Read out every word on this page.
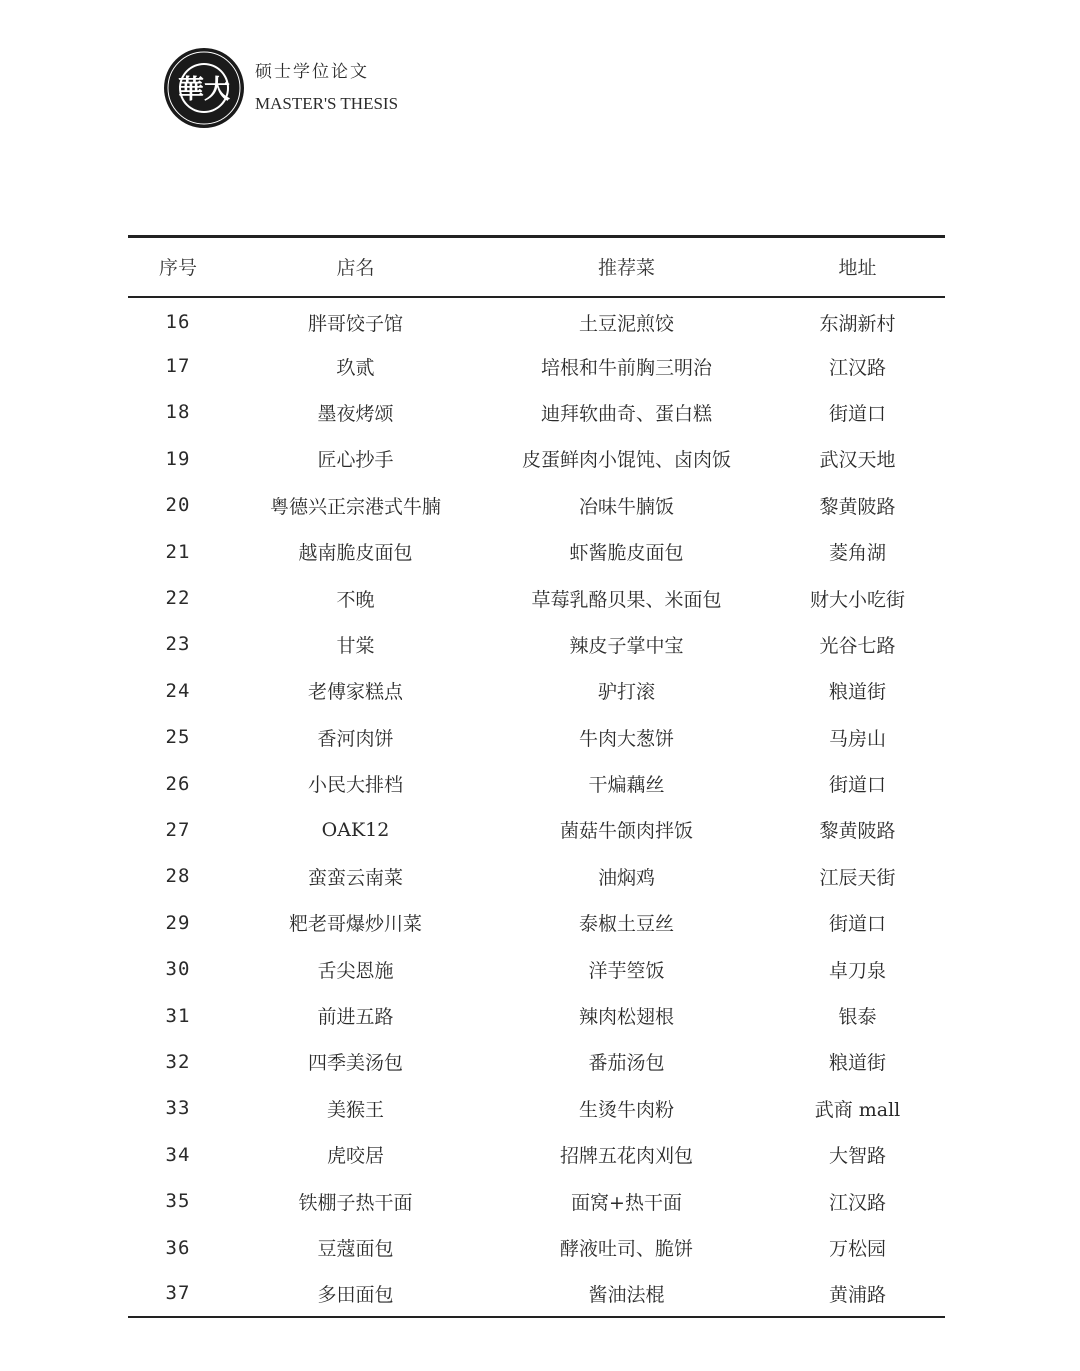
華大
硕士学位论文
MASTER'S THESIS
序号	店名	推荐菜	地址
16	胖哥饺子馆	土豆泥煎饺	东湖新村
17	玖贰	培根和牛前胸三明治	江汉路
18	墨夜烤颂	迪拜软曲奇、蛋白糕	街道口
19	匠心抄手	皮蛋鲜肉小馄饨、卤肉饭	武汉天地
20	粤德兴正宗港式牛腩	冶味牛腩饭	黎黄陂路
21	越南脆皮面包	虾酱脆皮面包	菱角湖
22	不晚	草莓乳酪贝果、米面包	财大小吃街
23	甘棠	辣皮子掌中宝	光谷七路
24	老傅家糕点	驴打滚	粮道街
25	香河肉饼	牛肉大葱饼	马房山
26	小民大排档	干煸藕丝	街道口
27	OAK12	菌菇牛颌肉拌饭	黎黄陂路
28	蛮蛮云南菜	油焖鸡	江辰天街
29	粑老哥爆炒川菜	泰椒土豆丝	街道口
30	舌尖恩施	洋芋箜饭	卓刀泉
31	前进五路	辣肉松翅根	银泰
32	四季美汤包	番茄汤包	粮道街
33	美猴王	生烫牛肉粉	武商 mall
34	虎咬居	招牌五花肉刈包	大智路
35	铁棚子热干面	面窝+热干面	江汉路
36	豆蔻面包	酵液吐司、脆饼	万松园
37	多田面包	酱油法棍	黄浦路
